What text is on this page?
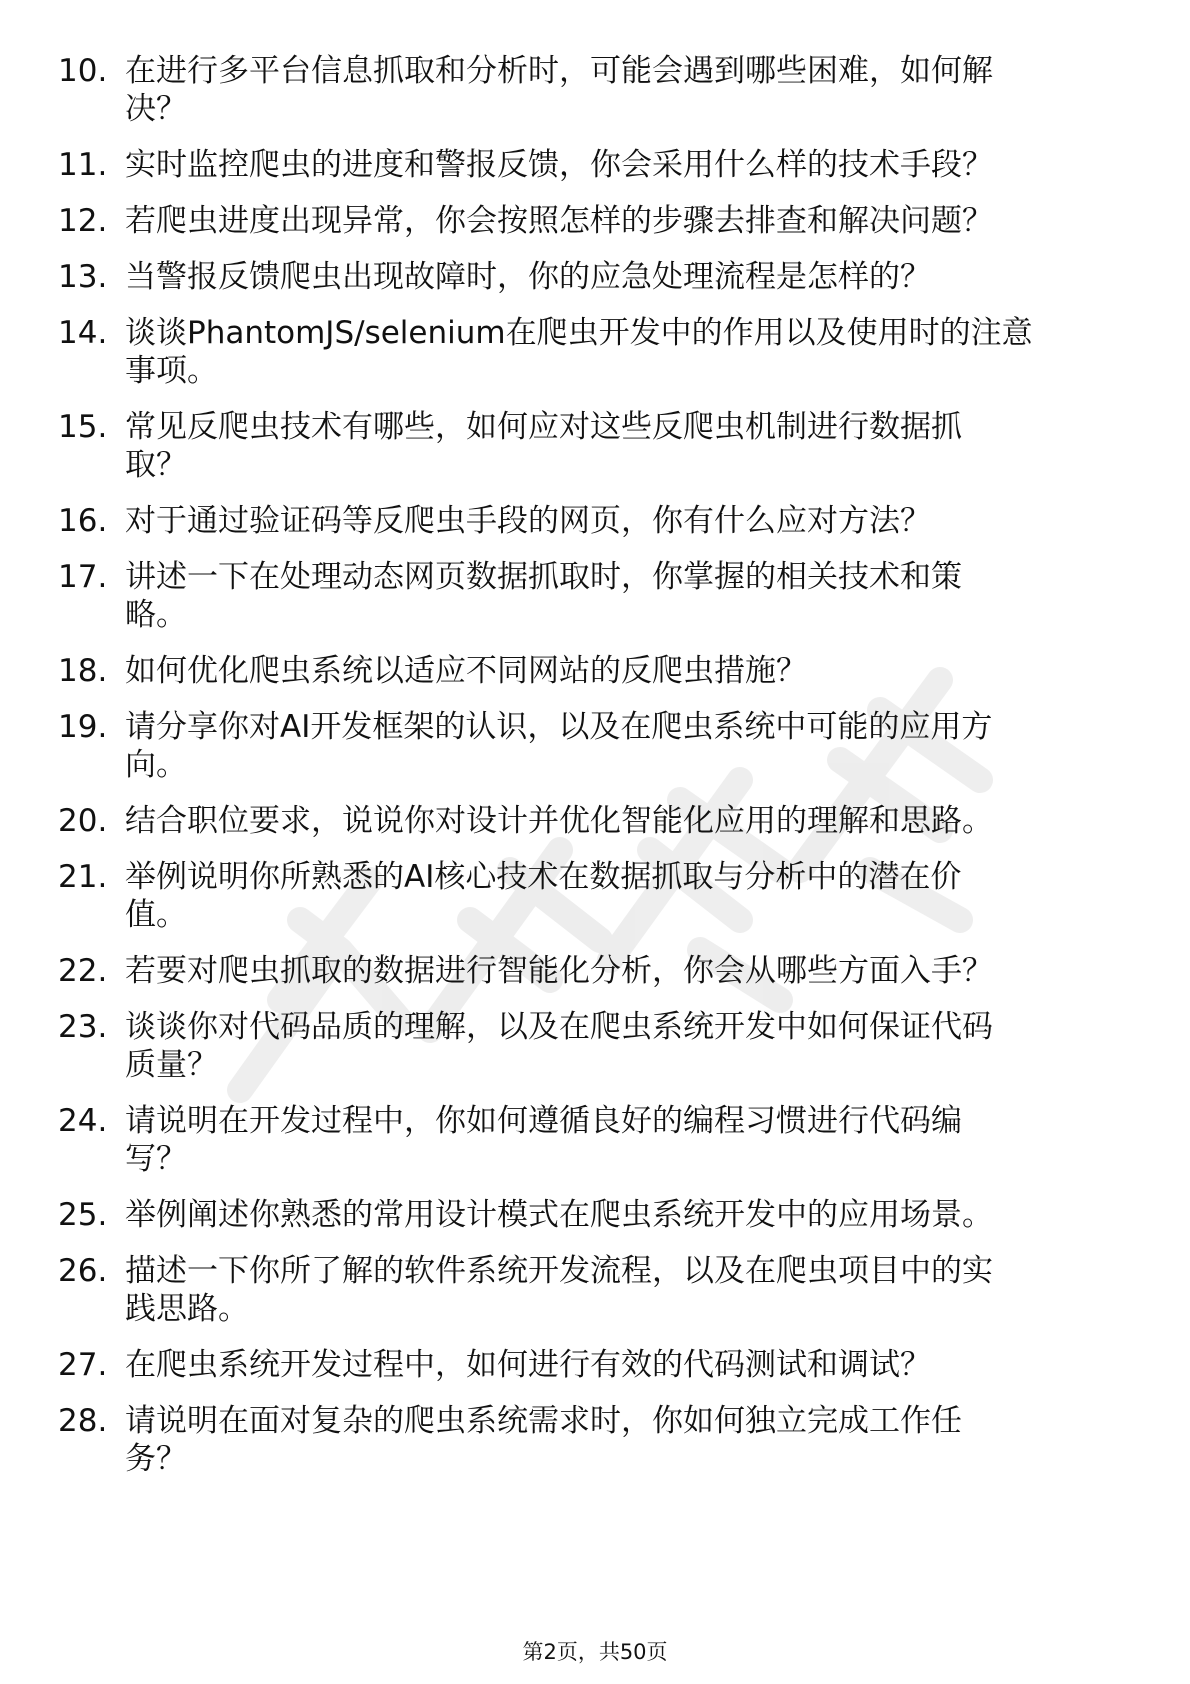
10. 在进行多平台信息抓取和分析时，可能会遇到哪些困难，如何解
决？
11. 实时监控爬虫的进度和警报反馈，你会采用什么样的技术手段？
12. 若爬虫进度出现异常，你会按照怎样的步骤去排查和解决问题？
13. 当警报反馈爬虫出现故障时，你的应急处理流程是怎样的？
14. 谈谈PhantomJS/selenium在爬虫开发中的作用以及使用时的注意
事项。
15. 常见反爬虫技术有哪些，如何应对这些反爬虫机制进行数据抓
取？
16. 对于通过验证码等反爬虫手段的网页，你有什么应对方法？
17. 讲述一下在处理动态网页数据抓取时，你掌握的相关技术和策
略。
18. 如何优化爬虫系统以适应不同网站的反爬虫措施？
19. 请分享你对AI开发框架的认识，以及在爬虫系统中可能的应用方
向。
20. 结合职位要求，说说你对设计并优化智能化应用的理解和思路。
21. 举例说明你所熟悉的AI核心技术在数据抓取与分析中的潜在价
值。
22. 若要对爬虫抓取的数据进行智能化分析，你会从哪些方面入手？
23. 谈谈你对代码品质的理解，以及在爬虫系统开发中如何保证代码
质量？
24. 请说明在开发过程中，你如何遵循良好的编程习惯进行代码编
写？
25. 举例阐述你熟悉的常用设计模式在爬虫系统开发中的应用场景。
26. 描述一下你所了解的软件系统开发流程，以及在爬虫项目中的实
践思路。
27. 在爬虫系统开发过程中，如何进行有效的代码测试和调试？
28. 请说明在面对复杂的爬虫系统需求时，你如何独立完成工作任
务？
第2页，共50页
